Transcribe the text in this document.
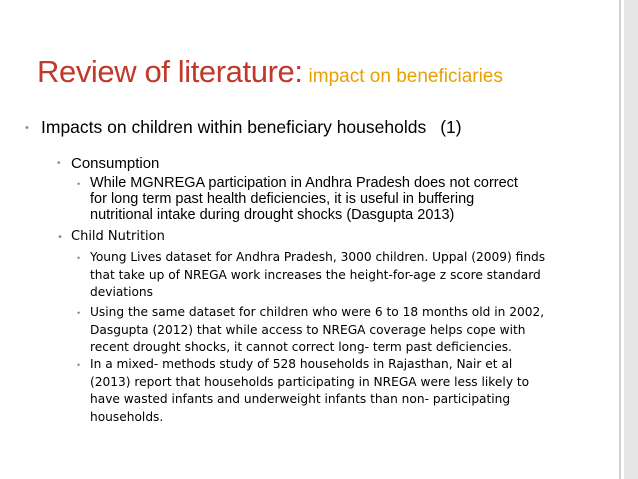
Review of literature: impact on beneficiaries
• Impacts on children within beneficiary households (1)
• Consumption
• While MGNREGA participation in Andhra Pradesh does not correct
for long term past health deficiencies, it is useful in buffering
nutritional intake during drought shocks (Dasgupta 2013)
• Child Nutrition
• Young Lives dataset for Andhra Pradesh, 3000 children. Uppal (2009) finds
that take up of NREGA work increases the height-for-age z score standard
deviations
• Using the same dataset for children who were 6 to 18 months old in 2002,
Dasgupta (2012) that while access to NREGA coverage helps cope with
recent drought shocks, it cannot correct long- term past deficiencies.
• In a mixed- methods study of 528 households in Rajasthan, Nair et al
(2013) report that households participating in NREGA were less likely to
have wasted infants and underweight infants than non- participating
households.
